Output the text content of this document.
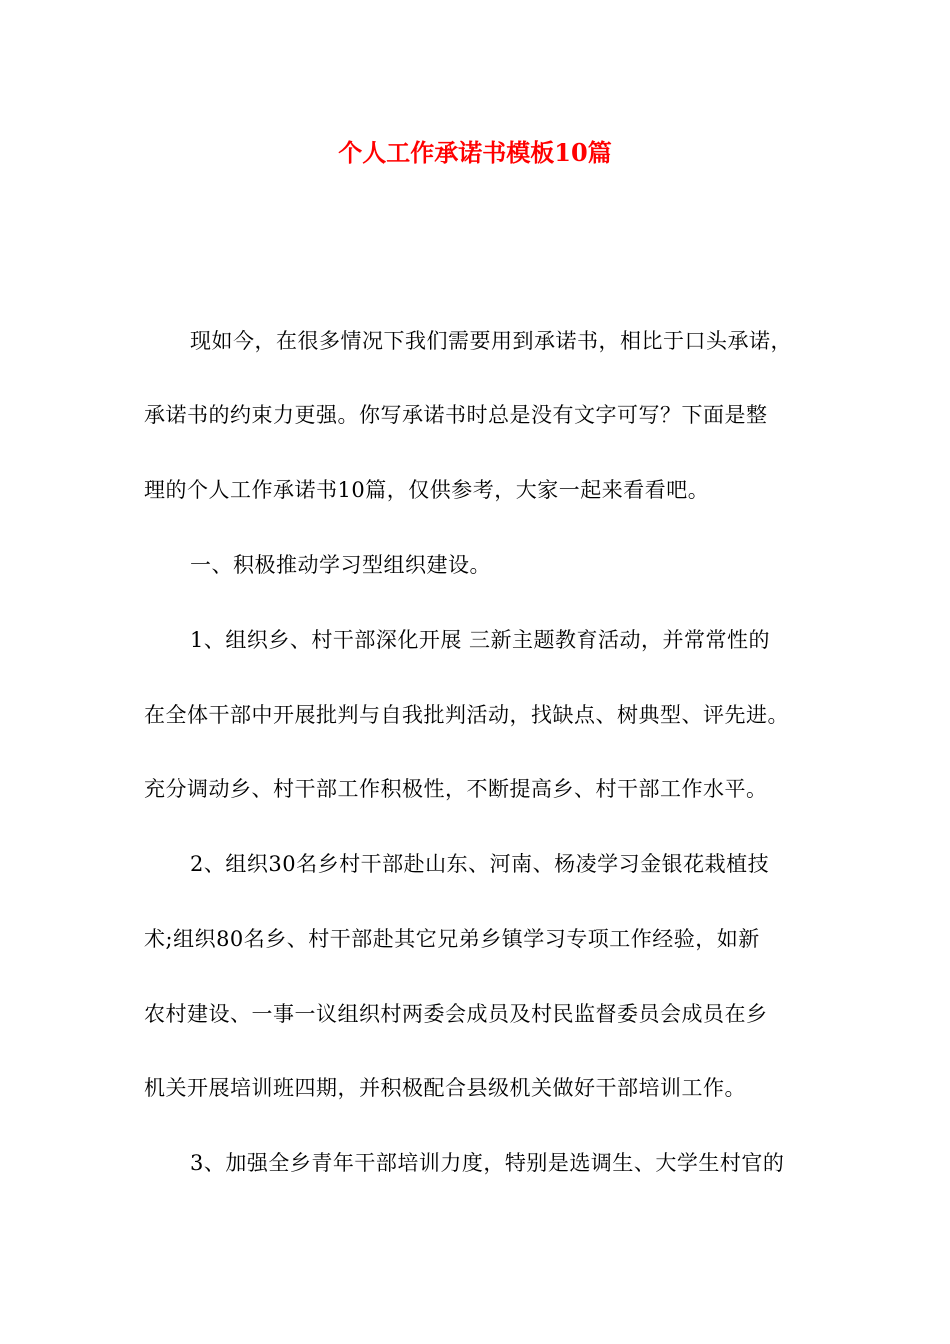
个人工作承诺书模板10篇
现如今，在很多情况下我们需要用到承诺书，相比于口头承诺，
承诺书的约束力更强。你写承诺书时总是没有文字可写？下面是整
理的个人工作承诺书10篇，仅供参考，大家一起来看看吧。
一、积极推动学习型组织建设。
1、组织乡、村干部深化开展 三新主题教育活动，并常常性的
在全体干部中开展批判与自我批判活动，找缺点、树典型、评先进。
充分调动乡、村干部工作积极性，不断提高乡、村干部工作水平。
2、组织30名乡村干部赴山东、河南、杨凌学习金银花栽植技
术;组织80名乡、村干部赴其它兄弟乡镇学习专项工作经验，如新
农村建设、一事一议组织村两委会成员及村民监督委员会成员在乡
机关开展培训班四期，并积极配合县级机关做好干部培训工作。
3、加强全乡青年干部培训力度，特别是选调生、大学生村官的
